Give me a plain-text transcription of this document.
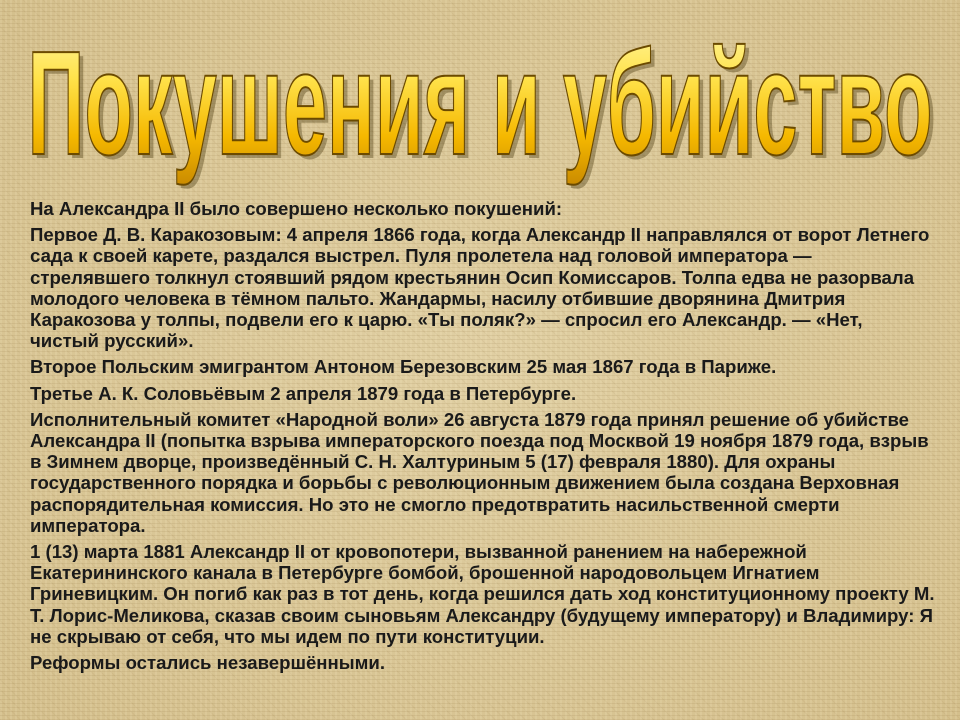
Покушения и убийство
Покушения и убийство

На Александра II было совершено несколько покушений:

Первое Д. В. Каракозовым: 4 апреля 1866 года, когда Александр II направлялся от ворот Летнего сада к своей карете, раздался выстрел. Пуля пролетела над головой императора — стрелявшего толкнул стоявший рядом крестьянин Осип Комиссаров. Толпа едва не разорвала молодого человека в тёмном пальто. Жандармы, насилу отбившие дворянина Дмитрия Каракозова у толпы, подвели его к царю. «Ты поляк?» — спросил его Александр. — «Нет, чистый русский».

Второе Польским эмигрантом Антоном Березовским 25 мая 1867 года в Париже.

Третье А. К. Соловьёвым 2 апреля 1879 года в Петербурге.

Исполнительный комитет «Народной воли» 26 августа 1879 года принял решение об убийстве Александра II (попытка взрыва императорского поезда под Москвой 19 ноября 1879 года, взрыв в Зимнем дворце, произведённый С. Н. Халтуриным 5 (17) февраля 1880). Для охраны государственного порядка и борьбы с революционным движением была создана Верховная распорядительная комиссия. Но это не смогло предотвратить насильственной смерти императора.

1 (13) марта 1881 Александр II от кровопотери, вызванной ранением на набережной Екатерининского канала в Петербурге бомбой, брошенной народовольцем Игнатием Гриневицким. Он погиб как раз в тот день, когда решился дать ход конституционному проекту М. Т. Лорис-Меликова, сказав своим сыновьям Александру (будущему императору) и Владимиру: Я не скрываю от себя, что мы идем по пути конституции.

Реформы остались незавершёнными.
